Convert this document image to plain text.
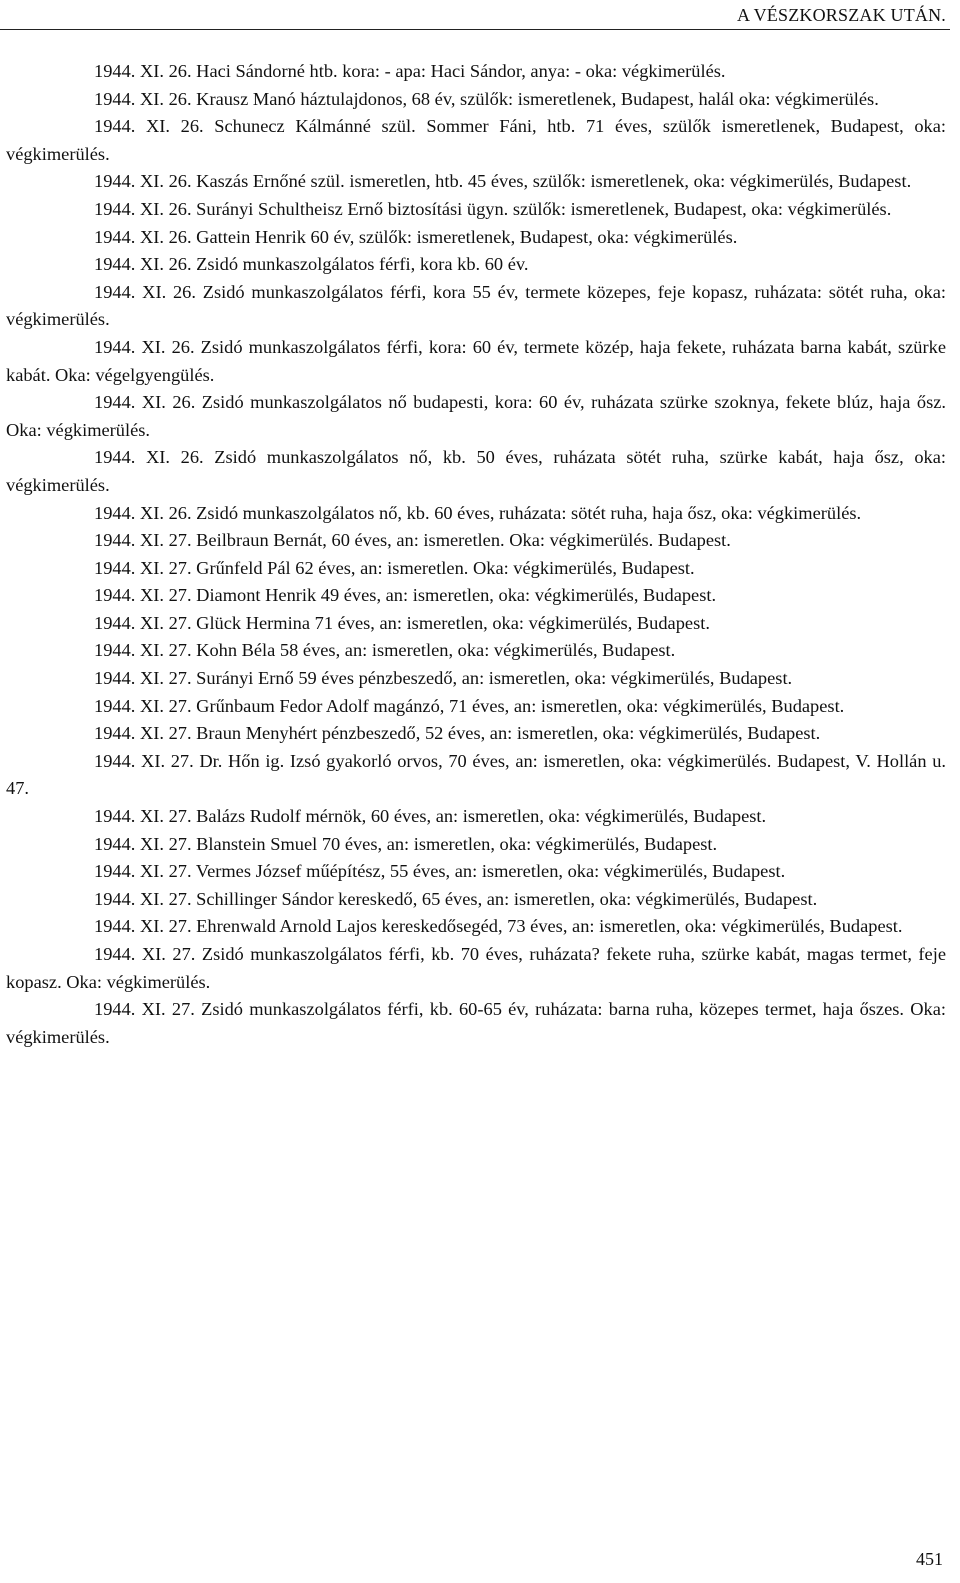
A VÉSZKORSZAK UTÁN.

1944. XI. 26. Haci Sándorné htb. kora: - apa: Haci Sándor, anya: - oka: végkimerülés.

1944. XI. 26. Krausz Manó háztulajdonos, 68 év, szülők: ismeretlenek, Budapest, halál oka: végkimerülés.

1944. XI. 26. Schunecz Kálmánné szül. Sommer Fáni, htb. 71 éves, szülők ismeretlenek, Budapest, oka: végkimerülés.

1944. XI. 26. Kaszás Ernőné szül. ismeretlen, htb. 45 éves, szülők: ismeretlenek, oka: végkimerülés, Budapest.

1944. XI. 26. Surányi Schultheisz Ernő biztosítási ügyn. szülők: ismeretlenek, Budapest, oka: végkimerülés.

1944. XI. 26. Gattein Henrik 60 év, szülők: ismeretlenek, Budapest, oka: végkimerülés.

1944. XI. 26. Zsidó munkaszolgálatos férfi, kora kb. 60 év.

1944. XI. 26. Zsidó munkaszolgálatos férfi, kora 55 év, termete közepes, feje kopasz, ruházata: sötét ruha, oka: végkimerülés.

1944. XI. 26. Zsidó munkaszolgálatos férfi, kora: 60 év, termete közép, haja fekete, ruházata barna kabát, szürke kabát. Oka: végelgyengülés.

1944. XI. 26. Zsidó munkaszolgálatos nő budapesti, kora: 60 év, ruházata szürke szoknya, fekete blúz, haja ősz. Oka: végkimerülés.

1944. XI. 26. Zsidó munkaszolgálatos nő, kb. 50 éves, ruházata sötét ruha, szürke kabát, haja ősz, oka: végkimerülés.

1944. XI. 26. Zsidó munkaszolgálatos nő, kb. 60 éves, ruházata: sötét ruha, haja ősz, oka: végkimerülés.

1944. XI. 27. Beilbraun Bernát, 60 éves, an: ismeretlen. Oka: végkimerülés. Budapest.

1944. XI. 27. Grűnfeld Pál 62 éves, an: ismeretlen. Oka: végkimerülés, Budapest.

1944. XI. 27. Diamont Henrik 49 éves, an: ismeretlen, oka: végkimerülés, Budapest.

1944. XI. 27. Glück Hermina 71 éves, an: ismeretlen, oka: végkimerülés, Budapest.

1944. XI. 27. Kohn Béla 58 éves, an: ismeretlen, oka: végkimerülés, Budapest.

1944. XI. 27. Surányi Ernő 59 éves pénzbeszedő, an: ismeretlen, oka: végkimerülés, Budapest.

1944. XI. 27. Grűnbaum Fedor Adolf magánzó, 71 éves, an: ismeretlen, oka: végkimerülés, Budapest.

1944. XI. 27. Braun Menyhért pénzbeszedő, 52 éves, an: ismeretlen, oka: végkimerülés, Budapest.

1944. XI. 27. Dr. Hőn ig. Izsó gyakorló orvos, 70 éves, an: ismeretlen, oka: végkimerülés. Budapest, V. Hollán u. 47.

1944. XI. 27. Balázs Rudolf mérnök, 60 éves, an: ismeretlen, oka: végkimerülés, Budapest.

1944. XI. 27. Blanstein Smuel 70 éves, an: ismeretlen, oka: végkimerülés, Budapest.

1944. XI. 27. Vermes József műépítész, 55 éves, an: ismeretlen, oka: végkimerülés, Budapest.

1944. XI. 27. Schillinger Sándor kereskedő, 65 éves, an: ismeretlen, oka: végkimerülés, Budapest.

1944. XI. 27. Ehrenwald Arnold Lajos kereskedősegéd, 73 éves, an: ismeretlen, oka: végkimerülés, Budapest.

1944. XI. 27. Zsidó munkaszolgálatos férfi, kb. 70 éves, ruházata? fekete ruha, szürke kabát, magas termet, feje kopasz. Oka: végkimerülés.

1944. XI. 27. Zsidó munkaszolgálatos férfi, kb. 60-65 év, ruházata: barna ruha, közepes termet, haja őszes. Oka: végkimerülés.

451
